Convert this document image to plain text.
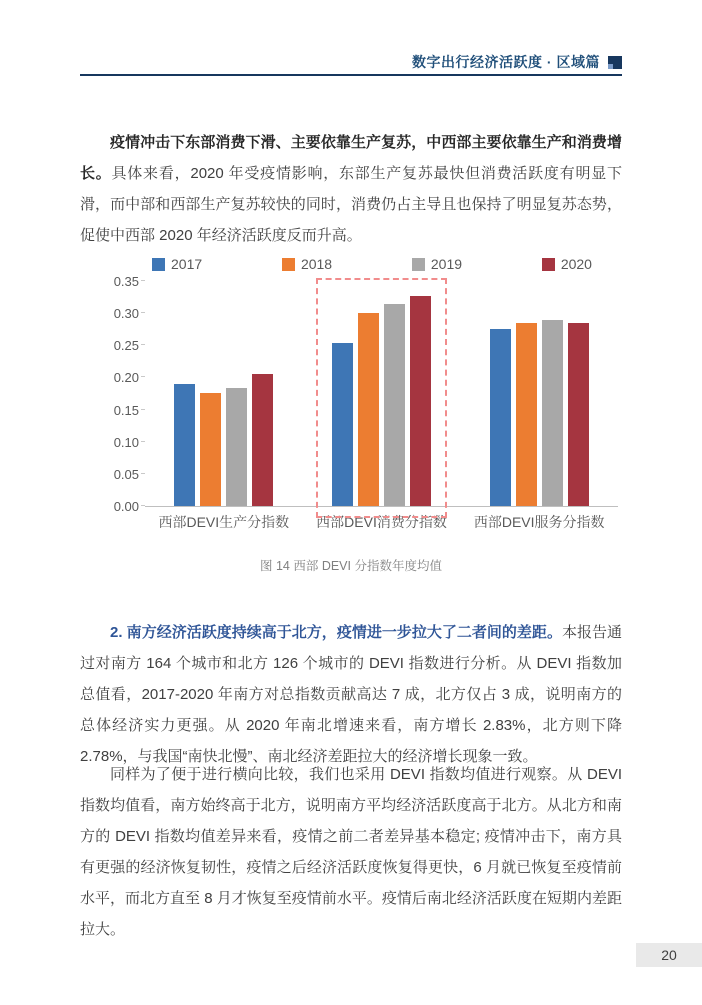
数字出行经济活跃度 · 区域篇

疫情冲击下东部消费下滑、主要依靠生产复苏，中西部主要依靠生产和消费增长。具体来看，2020 年受疫情影响，东部生产复苏最快但消费活跃度有明显下滑，而中部和西部生产复苏较快的同时，消费仍占主导且也保持了明显复苏态势，促使中西部 2020 年经济活跃度反而升高。

2017	2018	2019	2020
0.00
0.05
0.10
0.15
0.20
0.25
0.30
0.35
西部DEVI生产分指数	西部DEVI消费分指数	西部DEVI服务分指数
图 14 西部 DEVI 分指数年度均值

2. 南方经济活跃度持续高于北方，疫情进一步拉大了二者间的差距。本报告通过对南方 164 个城市和北方 126 个城市的 DEVI 指数进行分析。从 DEVI 指数加总值看，2017-2020 年南方对总指数贡献高达 7 成，北方仅占 3 成，说明南方的总体经济实力更强。从 2020 年南北增速来看，南方增长 2.83%，北方则下降 2.78%，与我国“南快北慢”、南北经济差距拉大的经济增长现象一致。

同样为了便于进行横向比较，我们也采用 DEVI 指数均值进行观察。从 DEVI 指数均值看，南方始终高于北方，说明南方平均经济活跃度高于北方。从北方和南方的 DEVI 指数均值差异来看，疫情之前二者差异基本稳定; 疫情冲击下，南方具有更强的经济恢复韧性，疫情之后经济活跃度恢复得更快，6 月就已恢复至疫情前水平，而北方直至 8 月才恢复至疫情前水平。疫情后南北经济活跃度在短期内差距拉大。

20
